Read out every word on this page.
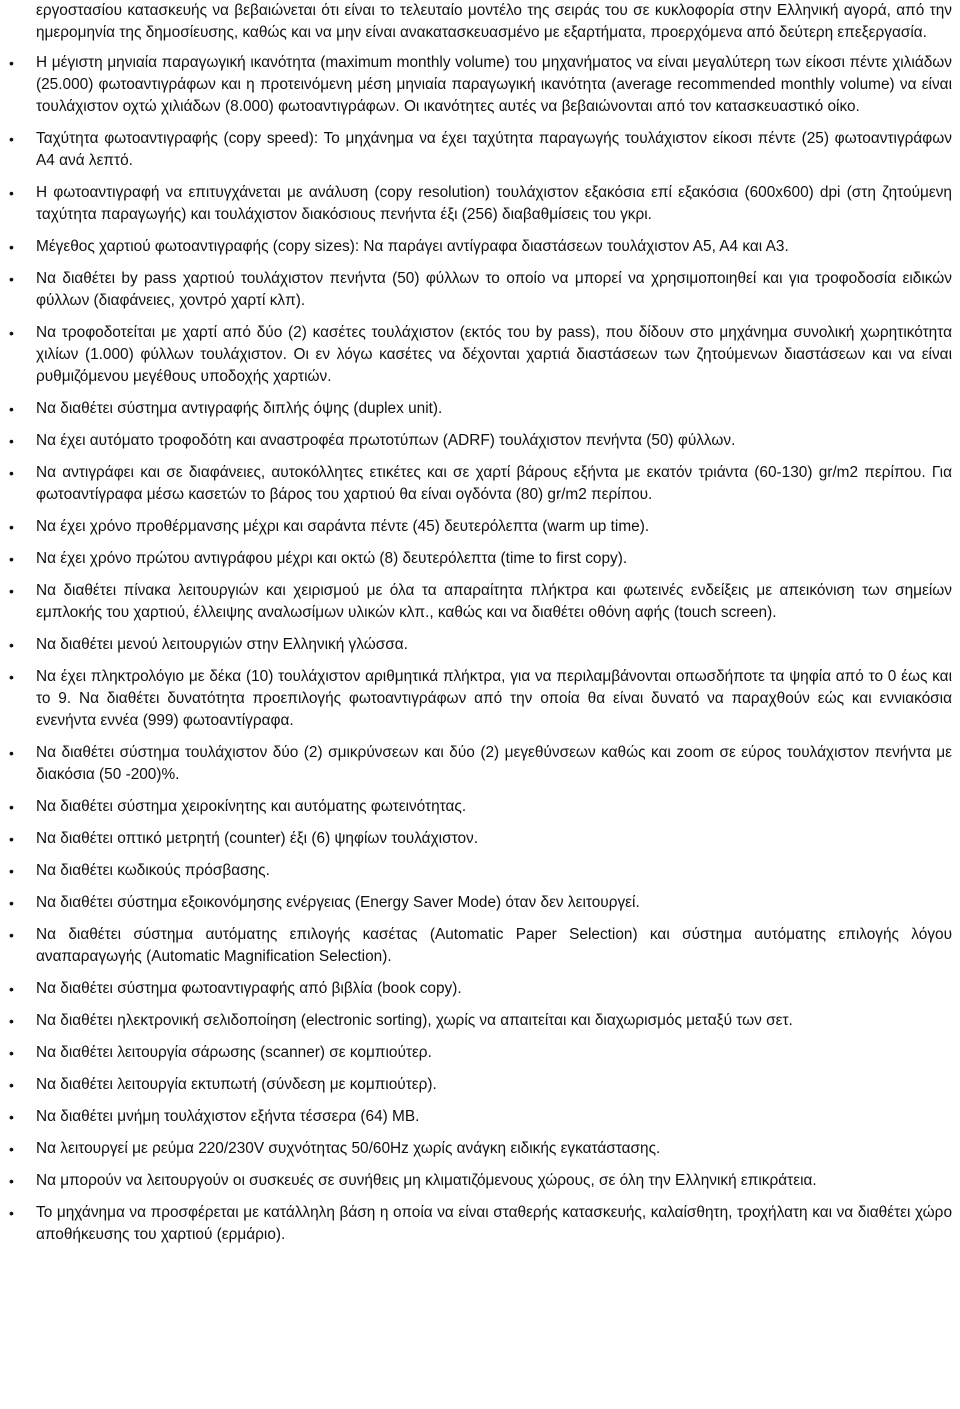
εργοστασίου κατασκευής να βεβαιώνεται ότι είναι το τελευταίο μοντέλο της σειράς του σε κυκλοφορία στην Ελληνική αγορά, από την ημερομηνία της δημοσίευσης, καθώς και να μην είναι ανακατασκευασμένο με εξαρτήματα, προερχόμενα από δεύτερη επεξεργασία.

•	Η μέγιστη μηνιαία παραγωγική ικανότητα (maximum monthly volume) του μηχανήματος να είναι μεγαλύτερη των είκοσι πέντε χιλιάδων (25.000) φωτοαντιγράφων και η προτεινόμενη μέση μηνιαία παραγωγική ικανότητα (average recommended monthly volume) να είναι τουλάχιστον οχτώ χιλιάδων (8.000) φωτοαντιγράφων. Οι ικανότητες αυτές να βεβαιώνονται από τον κατασκευαστικό οίκο.
•	Ταχύτητα φωτοαντιγραφής (copy speed): Το μηχάνημα να έχει ταχύτητα παραγωγής τουλάχιστον είκοσι πέντε (25) φωτοαντιγράφων A4 ανά λεπτό.
•	Η φωτοαντιγραφή να επιτυγχάνεται με ανάλυση (copy resolution) τουλάχιστον εξακόσια επί εξακόσια (600x600) dpi (στη ζητούμενη ταχύτητα παραγωγής) και τουλάχιστον διακόσιους πενήντα έξι (256) διαβαθμίσεις του γκρι.
•	Μέγεθος χαρτιού φωτοαντιγραφής (copy sizes): Να παράγει αντίγραφα διαστάσεων τουλάχιστον Α5, Α4 και Α3.
•	Να διαθέτει by pass χαρτιού τουλάχιστον πενήντα (50) φύλλων το οποίο να μπορεί να χρησιμοποιηθεί και για τροφοδοσία ειδικών φύλλων (διαφάνειες, χοντρό χαρτί κλπ).
•	Να τροφοδοτείται με χαρτί από δύο (2) κασέτες τουλάχιστον (εκτός του by pass), που δίδουν στο μηχάνημα συνολική χωρητικότητα χιλίων (1.000) φύλλων τουλάχιστον. Οι εν λόγω κασέτες να δέχονται χαρτιά διαστάσεων των ζητούμενων διαστάσεων και να είναι ρυθμιζόμενου μεγέθους υποδοχής χαρτιών.
•	Να διαθέτει σύστημα αντιγραφής διπλής όψης (duplex unit).
•	Να έχει αυτόματο τροφοδότη και αναστροφέα πρωτοτύπων (ADRF) τουλάχιστον πενήντα (50) φύλλων.
•	Να αντιγράφει και σε διαφάνειες, αυτοκόλλητες ετικέτες και σε χαρτί βάρους εξήντα με εκατόν τριάντα (60-130) gr/m2 περίπου. Για φωτοαντίγραφα μέσω κασετών το βάρος του χαρτιού θα είναι ογδόντα (80) gr/m2 περίπου.
•	Να έχει χρόνο προθέρμανσης μέχρι και σαράντα πέντε (45) δευτερόλεπτα (warm up time).
•	Να έχει χρόνο πρώτου αντιγράφου μέχρι και οκτώ (8) δευτερόλεπτα (time to first copy).
•	Να διαθέτει πίνακα λειτουργιών και χειρισμού με όλα τα απαραίτητα πλήκτρα και φωτεινές ενδείξεις με απεικόνιση των σημείων εμπλοκής του χαρτιού, έλλειψης αναλωσίμων υλικών κλπ., καθώς και να διαθέτει οθόνη αφής (touch screen).
•	Να διαθέτει μενού λειτουργιών στην Ελληνική γλώσσα.
•	Να έχει πληκτρολόγιο με δέκα (10) τουλάχιστον αριθμητικά πλήκτρα, για να περιλαμβάνονται οπωσδήποτε τα ψηφία από το 0 έως και το 9. Να διαθέτει δυνατότητα προεπιλογής φωτοαντιγράφων από την οποία θα είναι δυνατό να παραχθούν εώς και εννιακόσια ενενήντα εννέα (999) φωτοαντίγραφα.
•	Να διαθέτει σύστημα τουλάχιστον δύο (2) σμικρύνσεων και δύο (2) μεγεθύνσεων καθώς και zoom σε εύρος τουλάχιστον πενήντα με διακόσια (50 -200)%.
•	Να διαθέτει σύστημα χειροκίνητης και αυτόματης φωτεινότητας.
•	Να διαθέτει οπτικό μετρητή (counter) έξι (6) ψηφίων τουλάχιστον.
•	Να διαθέτει κωδικούς πρόσβασης.
•	Να διαθέτει σύστημα εξοικονόμησης ενέργειας (Energy Saver Mode) όταν δεν λειτουργεί.
•	Να διαθέτει σύστημα αυτόματης επιλογής κασέτας (Automatic Paper Selection) και σύστημα αυτόματης επιλογής λόγου αναπαραγωγής (Automatic Magnification Selection).
•	Να διαθέτει σύστημα φωτοαντιγραφής από βιβλία (book copy).
•	Να διαθέτει ηλεκτρονική σελιδοποίηση (electronic sorting), χωρίς να απαιτείται και διαχωρισμός μεταξύ των σετ.
•	Να διαθέτει λειτουργία σάρωσης (scanner) σε κομπιούτερ.
•	Να διαθέτει λειτουργία εκτυπωτή (σύνδεση με κομπιούτερ).
•	Να διαθέτει μνήμη τουλάχιστον εξήντα τέσσερα (64) MB.
•	Να λειτουργεί με ρεύμα 220/230V συχνότητας 50/60Hz χωρίς ανάγκη ειδικής εγκατάστασης.
•	Να μπορούν να λειτουργούν οι συσκευές σε συνήθεις μη κλιματιζόμενους χώρους, σε όλη την Ελληνική επικράτεια.
•	Το μηχάνημα να προσφέρεται με κατάλληλη βάση η οποία να είναι σταθερής κατασκευής, καλαίσθητη, τροχήλατη και να διαθέτει χώρο αποθήκευσης του χαρτιού (ερμάριο).
